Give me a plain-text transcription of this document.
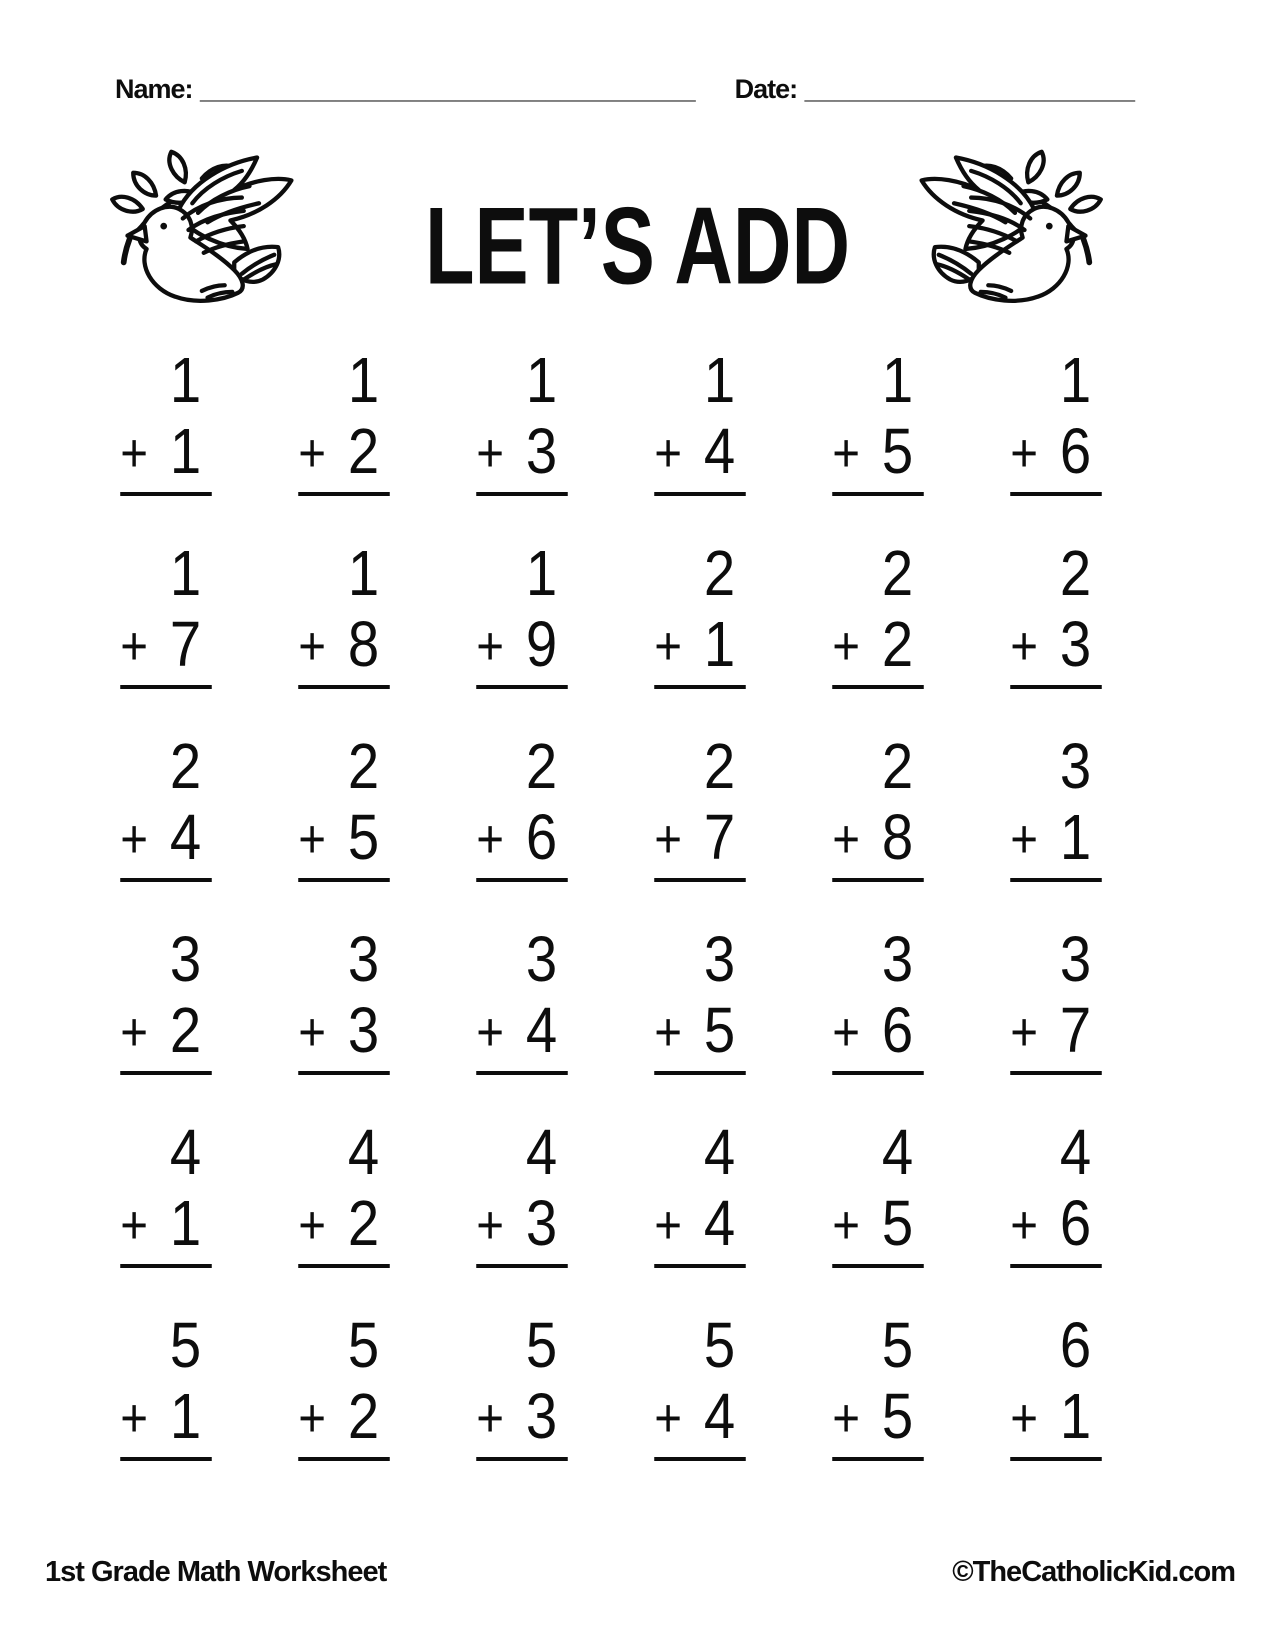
Name: _________________________________ Date: ______________________
LET’S ADD
1
+ 1
1
+ 2
1
+ 3
1
+ 4
1
+ 5
1
+ 6
1
+ 7
1
+ 8
1
+ 9
2
+ 1
2
+ 2
2
+ 3
2
+ 4
2
+ 5
2
+ 6
2
+ 7
2
+ 8
3
+ 1
3
+ 2
3
+ 3
3
+ 4
3
+ 5
3
+ 6
3
+ 7
4
+ 1
4
+ 2
4
+ 3
4
+ 4
4
+ 5
4
+ 6
5
+ 1
5
+ 2
5
+ 3
5
+ 4
5
+ 5
6
+ 1
1st Grade Math Worksheet	©TheCatholicKid.com
